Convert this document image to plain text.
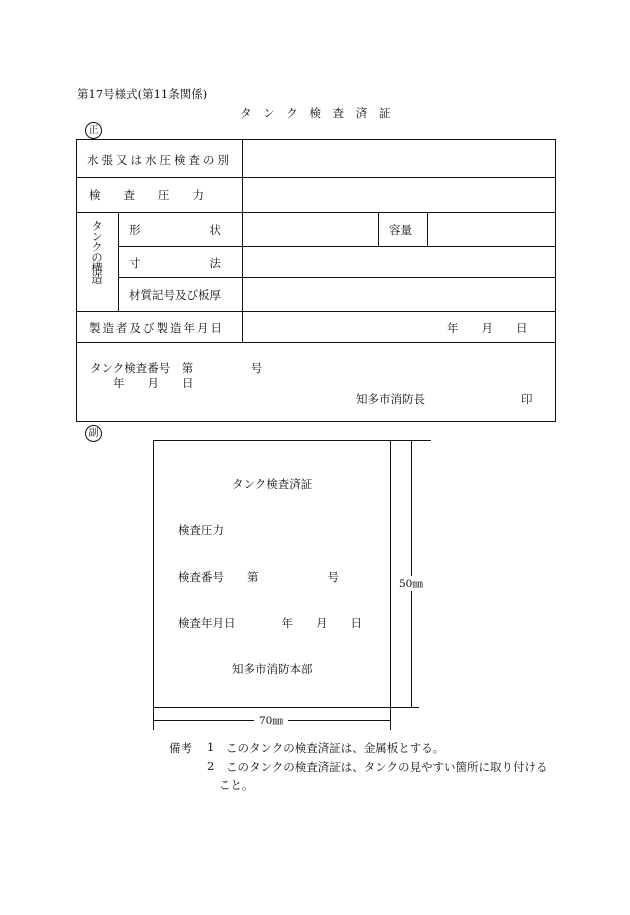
第17号様式(第11条関係)
タ ン ク 検 査 済 証
正
水張又は水圧検査の別
検　　査　　圧　　力
タンクの構造 形　　　　　　状	容量
寸　　　　　　法
材質記号及び板厚
製造者及び製造年月日	年　　月　　日
タンク検査番号　第　　　　　号
年　　月　　日
知多市消防長	印
副
タンク検査済証
検査圧力
検査番号　　第　　　　　　号
検査年月日　　　　年　　月　　日
知多市消防本部
50㎜
70㎜
備考 1 このタンクの検査済証は、金属板とする。
2 このタンクの検査済証は、タンクの見やすい箇所に取り付ける
こと。
